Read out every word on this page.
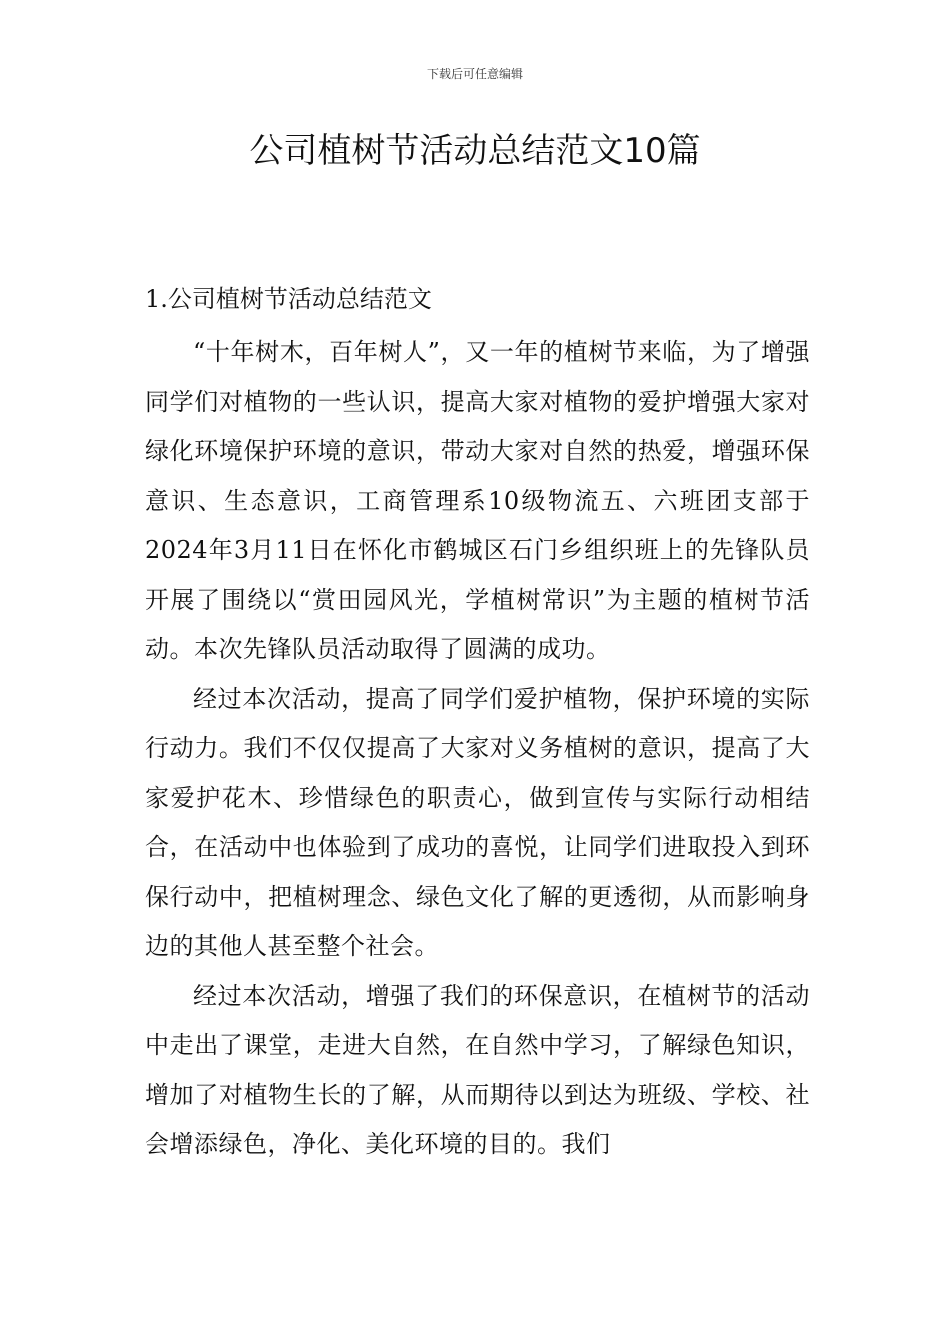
下载后可任意编辑
公司植树节活动总结范文10篇
1.公司植树节活动总结范文

“十年树木，百年树人”，又一年的植树节来临，为了增强同学们对植物的一些认识，提高大家对植物的爱护增强大家对绿化环境保护环境的意识，带动大家对自然的热爱，增强环保意识、生态意识，工商管理系10级物流五、六班团支部于2024年3月11日在怀化市鹤城区石门乡组织班上的先锋队员开展了围绕以“赏田园风光，学植树常识”为主题的植树节活动。本次先锋队员活动取得了圆满的成功。

经过本次活动，提高了同学们爱护植物，保护环境的实际行动力。我们不仅仅提高了大家对义务植树的意识，提高了大家爱护花木、珍惜绿色的职责心，做到宣传与实际行动相结合，在活动中也体验到了成功的喜悦，让同学们进取投入到环保行动中，把植树理念、绿色文化了解的更透彻，从而影响身边的其他人甚至整个社会。

经过本次活动，增强了我们的环保意识，在植树节的活动中走出了课堂，走进大自然，在自然中学习，了解绿色知识，增加了对植物生长的了解，从而期待以到达为班级、学校、社会增添绿色，净化、美化环境的目的。我们
